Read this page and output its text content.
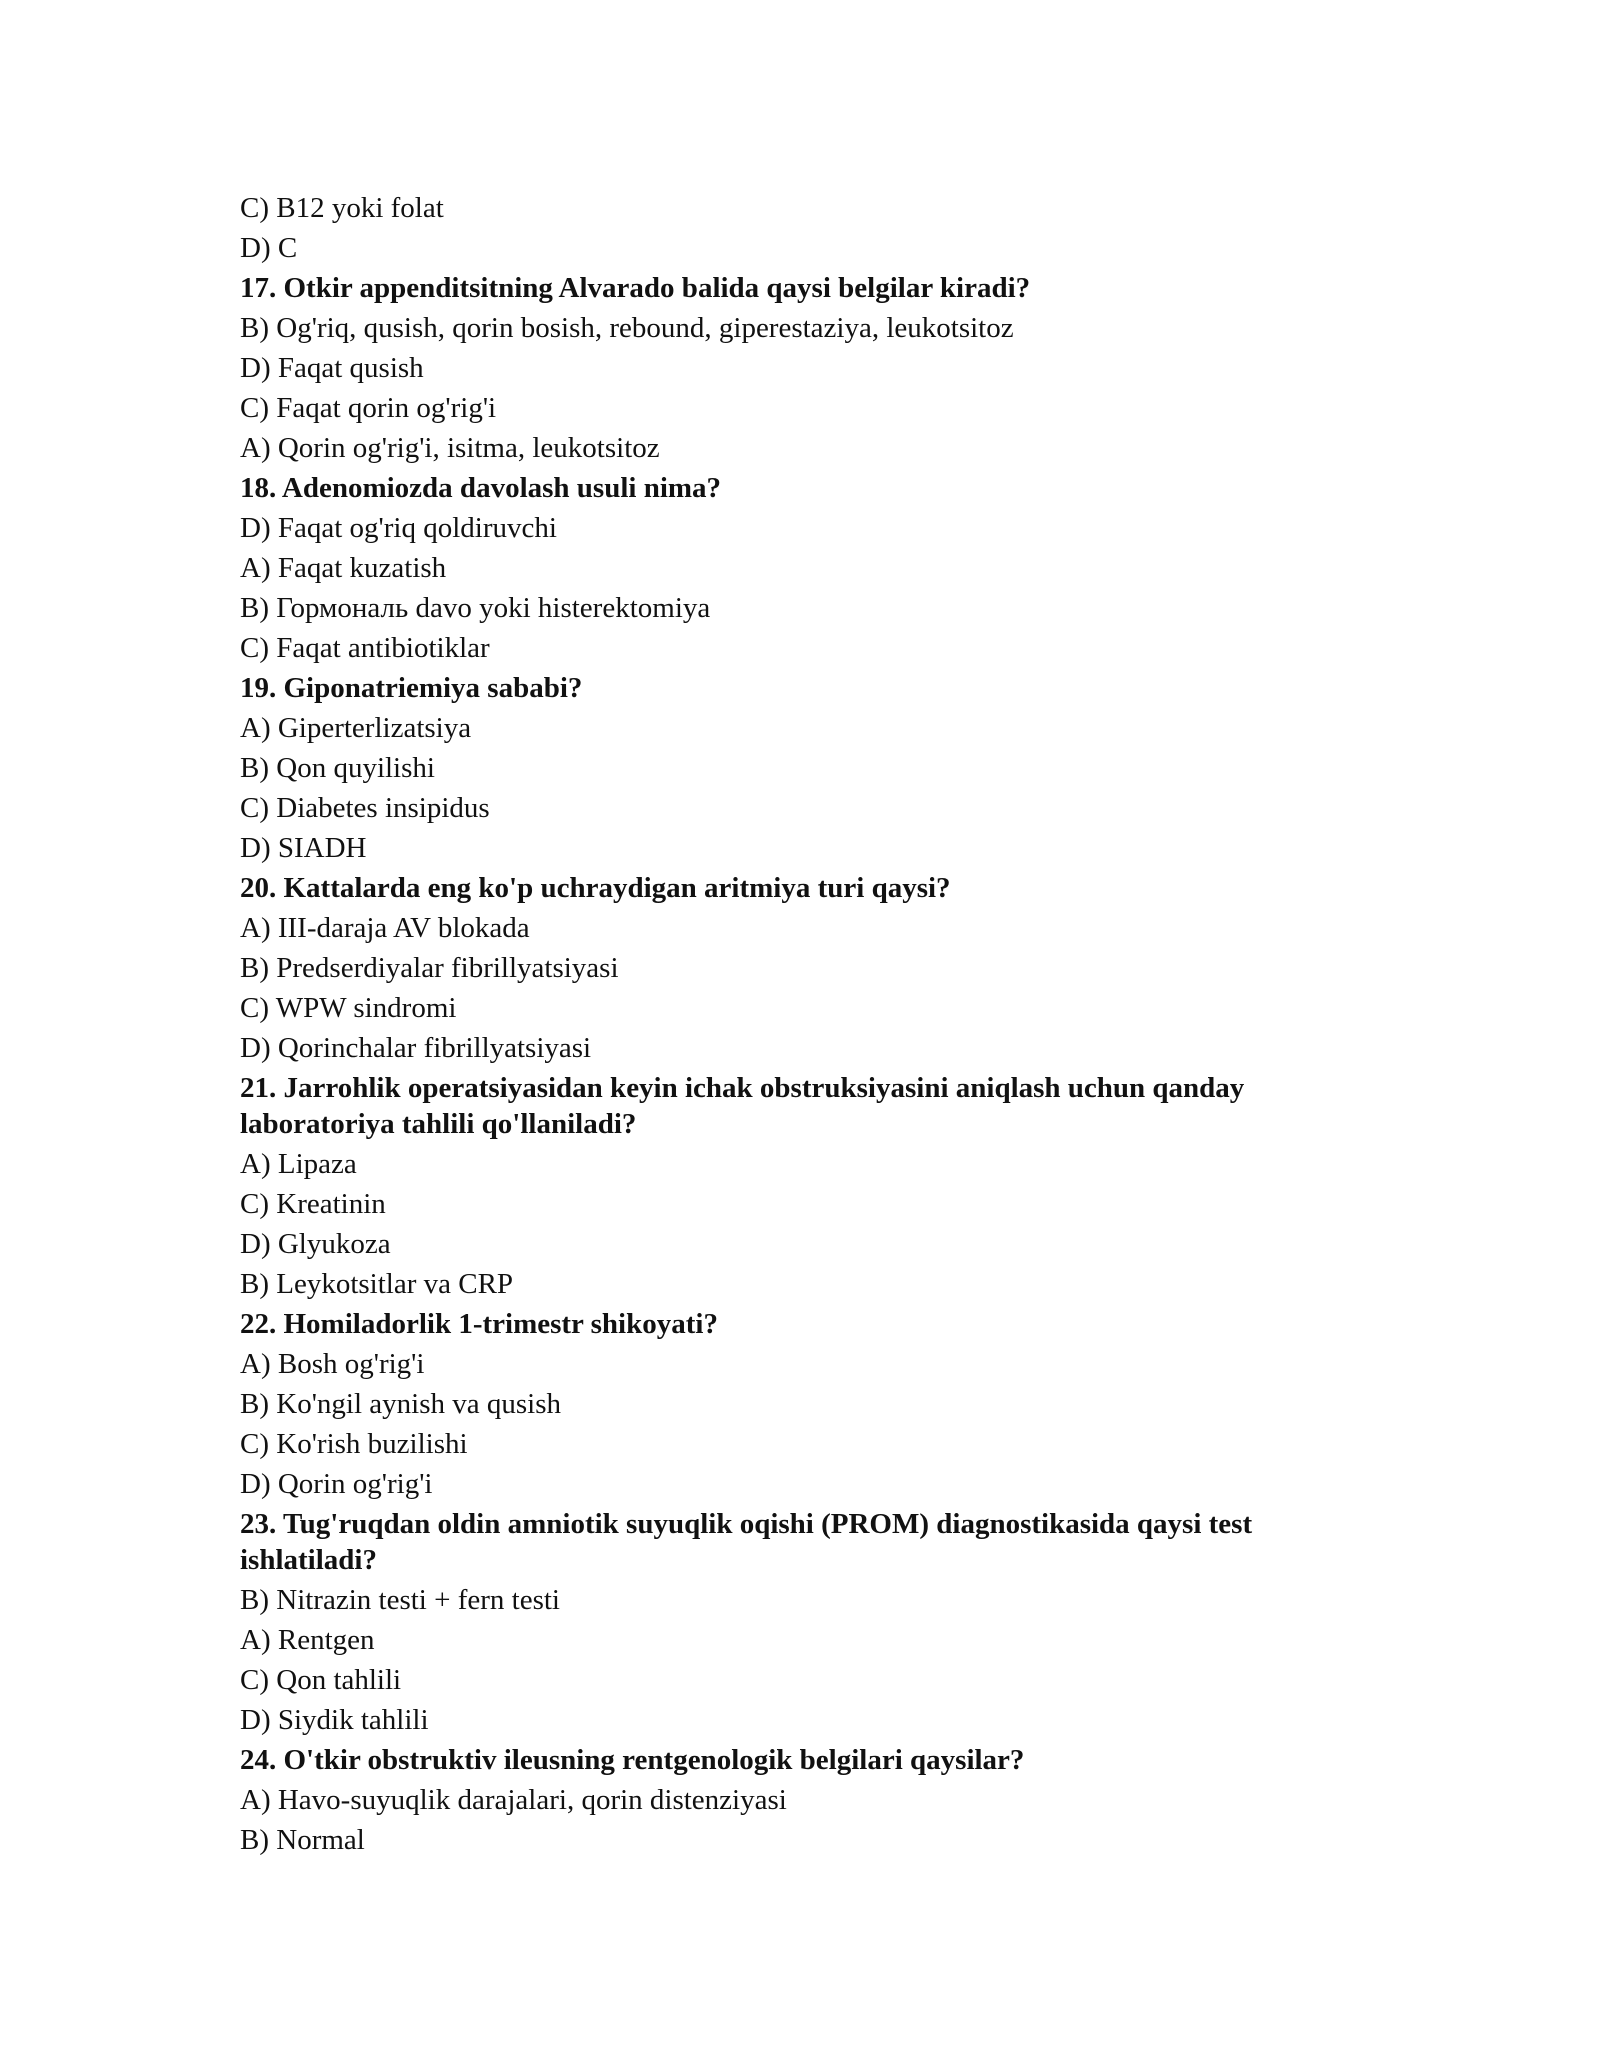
C) B12 yoki folat
D) C
17. Otkir appenditsitning Alvarado balida qaysi belgilar kiradi?
B) Og'riq, qusish, qorin bosish, rebound, giperestaziya, leukotsitoz
D) Faqat qusish
C) Faqat qorin og'rig'i
A) Qorin og'rig'i, isitma, leukotsitoz
18. Adenomiozda davolash usuli nima?
D) Faqat og'riq qoldiruvchi
A) Faqat kuzatish
B) Гормональ davo yoki histerektomiya
C) Faqat antibiotiklar
19. Giponatriemiya sababi?
A) Giperterlizatsiya
B) Qon quyilishi
C) Diabetes insipidus
D) SIADH
20. Kattalarda eng ko'p uchraydigan aritmiya turi qaysi?
A) III-daraja AV blokada
B) Predserdiyalar fibrillyatsiyasi
C) WPW sindromi
D) Qorinchalar fibrillyatsiyasi
21. Jarrohlik operatsiyasidan keyin ichak obstruksiyasini aniqlash uchun qanday laboratoriya tahlili qo'llaniladi?
A) Lipaza
C) Kreatinin
D) Glyukoza
B) Leykotsitlar va CRP
22. Homiladorlik 1-trimestr shikoyati?
A) Bosh og'rig'i
B) Ko'ngil aynish va qusish
C) Ko'rish buzilishi
D) Qorin og'rig'i
23. Tug'ruqdan oldin amniotik suyuqlik oqishi (PROM) diagnostikasida qaysi test ishlatiladi?
B) Nitrazin testi + fern testi
A) Rentgen
C) Qon tahlili
D) Siydik tahlili
24. O'tkir obstruktiv ileusning rentgenologik belgilari qaysilar?
A) Havo-suyuqlik darajalari, qorin distenziyasi
B) Normal
